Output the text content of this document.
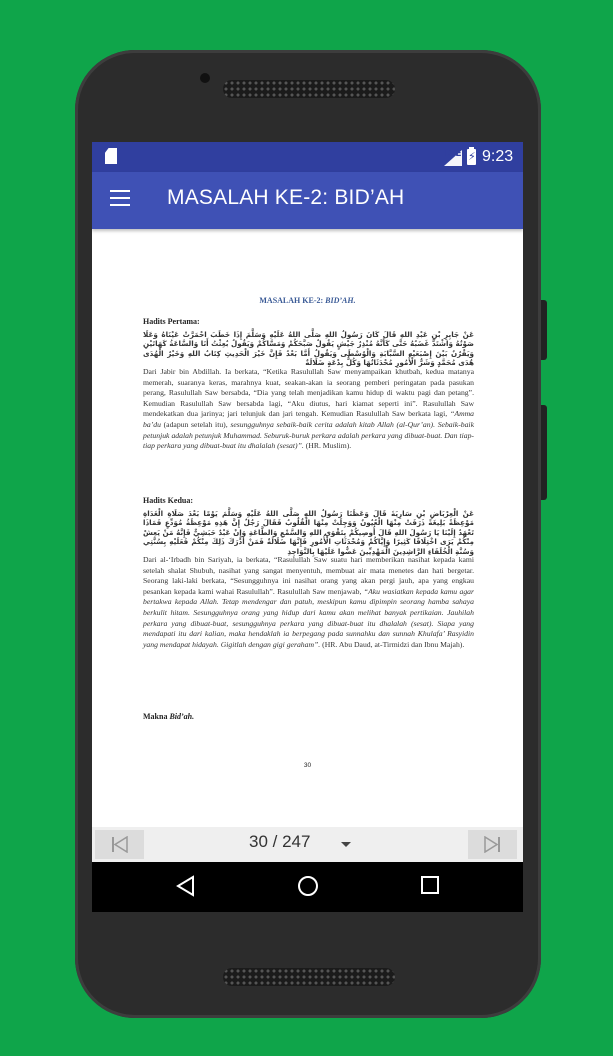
LTE ⚡ 9:23
MASALAH KE-2: BID’AH
MASALAH KE-2: BID’AH.
Hadits Pertama:
عَنْ جَابِرِ بْنِ عَبْدِ اللهِ قَالَ كَانَ رَسُولُ اللهِ صَلَّى اللهُ عَلَيْهِ وَسَلَّمَ إِذَا خَطَبَ احْمَرَّتْ عَيْنَاهُ وَعَلَا صَوْتُهُ وَاشْتَدَّ غَضَبُهُ حَتَّى كَأَنَّهُ مُنْذِرُ جَيْشٍ يَقُولُ صَبَّحَكُمْ وَمَسَّاكُمْ وَيَقُولُ بُعِثْتُ أَنَا وَالسَّاعَةُ كَهَاتَيْنِ وَيَقْرُنُ بَيْنَ إِصْبَعَيْهِ السَّبَّابَةِ وَالْوُسْطَى وَيَقُولُ أَمَّا بَعْدُ فَإِنَّ خَيْرَ الْحَدِيثِ كِتَابُ اللهِ وَخَيْرُ الْهُدَى هُدَى مُحَمَّدٍ وَشَرُّ الْأُمُورِ مُحْدَثَاتُهَا وَكُلُّ بِدْعَةٍ ضَلَالَةٌ
Dari Jabir bin Abdillah. Ia berkata, “Ketika Rasulullah Saw menyampaikan khutbah, kedua matanya memerah, suaranya keras, marahnya kuat, seakan-akan ia seorang pemberi peringatan pada pasukan perang, Rasulullah Saw bersabda, “Dia yang telah menjadikan kamu hidup di waktu pagi dan petang”. Kemudian Rasulullah Saw bersabda lagi, “Aku diutus, hari kiamat seperti ini”. Rasulullah Saw mendekatkan dua jarinya; jari telunjuk dan jari tengah. Kemudian Rasulullah Saw berkata lagi, “Amma ba’du (adapun setelah itu), sesungguhnya sebaik-baik cerita adalah kitab Allah (al-Qur’an). Sebaik-baik petunjuk adalah petunjuk Muhammad. Seburuk-buruk perkara adalah perkara yang dibuat-buat. Dan tiap-tiap perkara yang dibuat-buat itu dhalalah (sesat)”. (HR. Muslim).
Hadits Kedua:
عَنْ الْعِرْبَاضِ بْنِ سَارِيَةَ قَالَ وَعَظَنَا رَسُولُ اللهِ صَلَّى اللهُ عَلَيْهِ وَسَلَّمَ يَوْمًا بَعْدَ صَلَاةِ الْغَدَاةِ مَوْعِظَةً بَلِيغَةً ذَرَفَتْ مِنْهَا الْعُيُونُ وَوَجِلَتْ مِنْهَا الْقُلُوبُ فَقَالَ رَجُلٌ إِنَّ هَذِهِ مَوْعِظَةُ مُوَدِّعٍ فَمَاذَا تَعْهَدُ إِلَيْنَا يَا رَسُولَ اللهِ قَالَ أُوصِيكُمْ بِتَقْوَى اللهِ وَالسَّمْعِ وَالطَّاعَةِ وَإِنْ عَبْدٌ حَبَشِيٌّ فَإِنَّهُ مَنْ يَعِشْ مِنْكُمْ يَرَى اخْتِلَافًا كَثِيرًا وَإِيَّاكُمْ وَمُحْدَثَاتِ الْأُمُورِ فَإِنَّهَا ضَلَالَةٌ فَمَنْ أَدْرَكَ ذَلِكَ مِنْكُمْ فَعَلَيْهِ بِسُنَّتِي وَسُنَّةِ الْخُلَفَاءِ الرَّاشِدِينَ الْمَهْدِيِّينَ عَضُّوا عَلَيْهَا بِالنَّوَاجِذِ
Dari al-‘Irbadh bin Sariyah, ia berkata, “Rasulullah Saw suatu hari memberikan nasihat kepada kami setelah shalat Shubuh, nasihat yang sangat menyentuh, membuat air mata menetes dan hati bergetar. Seorang laki-laki berkata, “Sesungguhnya ini nasihat orang yang akan pergi jauh, apa yang engkau pesankan kepada kami wahai Rasulullah”. Rasulullah Saw menjawab, “Aku wasiatkan kepada kamu agar bertakwa kepada Allah. Tetap mendengar dan patuh, meskipun kamu dipimpin seorang hamba sahaya berkulit hitam. Sesungguhnya orang yang hidup dari kamu akan melihat banyak pertikaian. Jauhilah perkara yang dibuat-buat, sesungguhnya perkara yang dibuat-buat itu dhalalah (sesat). Siapa yang mendapati itu dari kalian, maka hendaklah ia berpegang pada sunnahku dan sunnah Khulafa’ Rasyidin yang mendapat hidayah. Gigitlah dengan gigi geraham”. (HR. Abu Daud, at-Tirmidzi dan Ibnu Majah).
Makna Bid’ah.
30
30 / 247
